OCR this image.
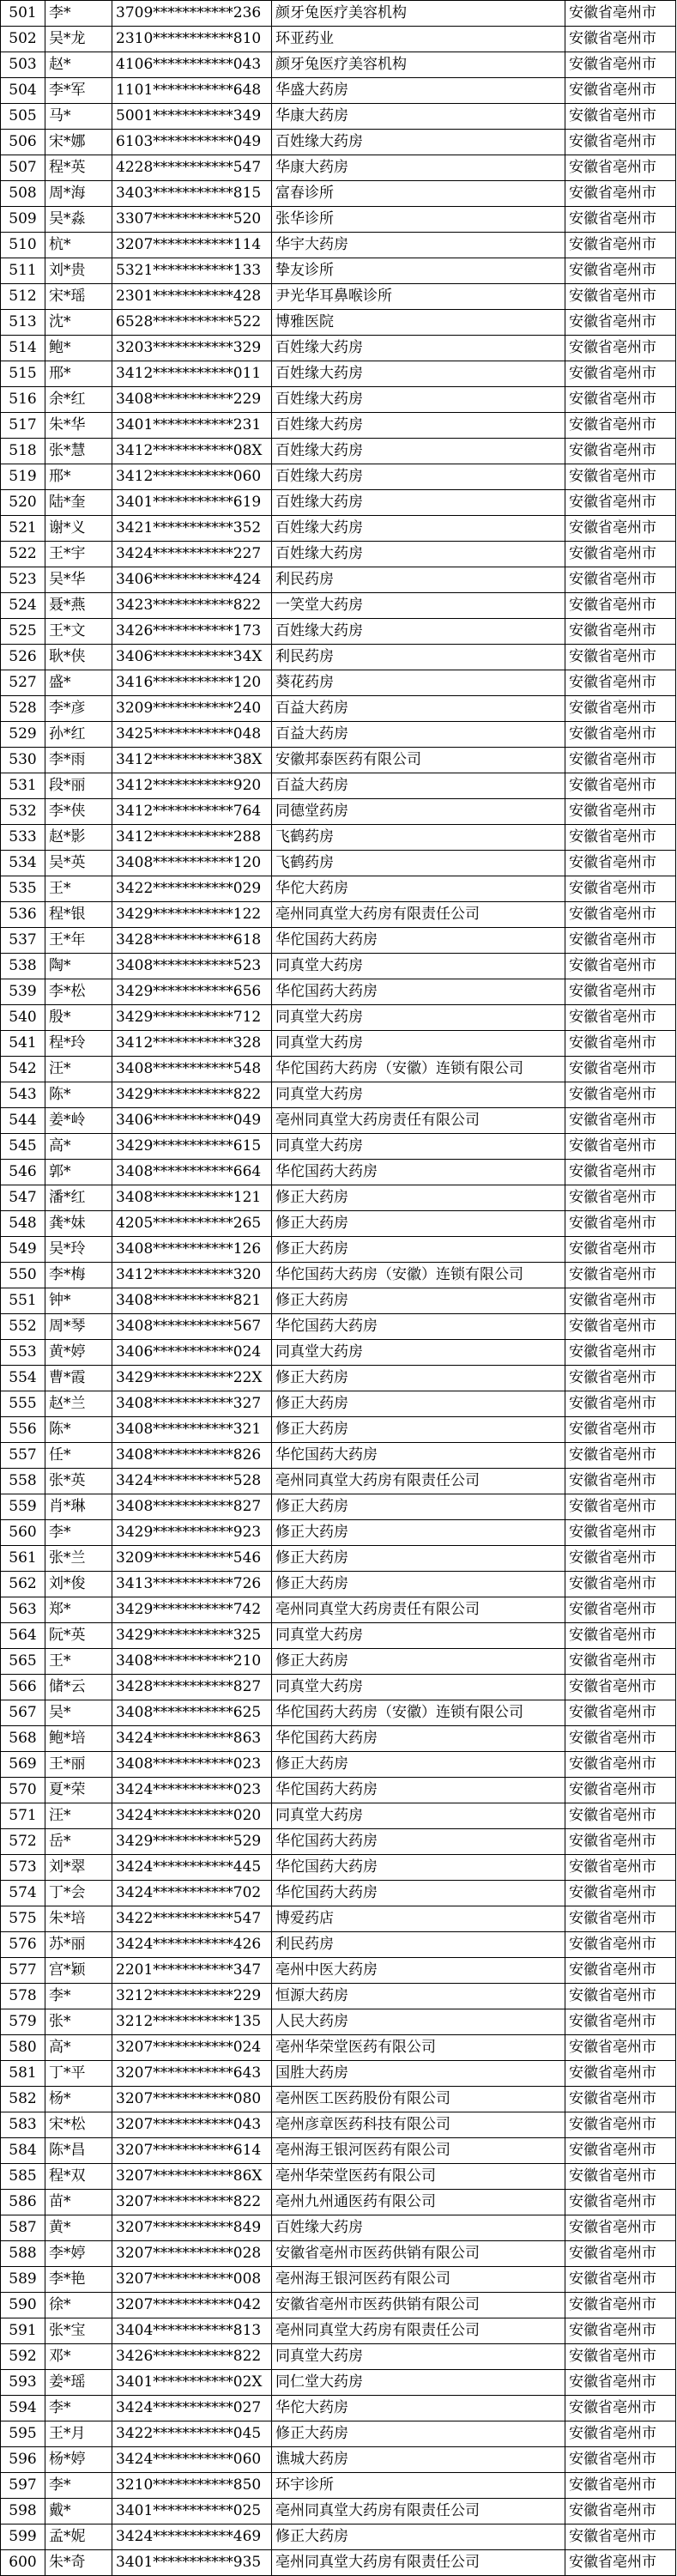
501	李*	3709***********236	颜牙兔医疗美容机构	安徽省亳州市
502	吴*龙	2310***********810	环亚药业	安徽省亳州市
503	赵*	4106***********043	颜牙兔医疗美容机构	安徽省亳州市
504	李*军	1101***********648	华盛大药房	安徽省亳州市
505	马*	5001***********349	华康大药房	安徽省亳州市
506	宋*娜	6103***********049	百姓缘大药房	安徽省亳州市
507	程*英	4228***********547	华康大药房	安徽省亳州市
508	周*海	3403***********815	富春诊所	安徽省亳州市
509	吴*淼	3307***********520	张华诊所	安徽省亳州市
510	杭*	3207***********114	华宇大药房	安徽省亳州市
511	刘*贵	5321***********133	挚友诊所	安徽省亳州市
512	宋*瑶	2301***********428	尹光华耳鼻喉诊所	安徽省亳州市
513	沈*	6528***********522	博雅医院	安徽省亳州市
514	鲍*	3203***********329	百姓缘大药房	安徽省亳州市
515	邢*	3412***********011	百姓缘大药房	安徽省亳州市
516	余*红	3408***********229	百姓缘大药房	安徽省亳州市
517	朱*华	3401***********231	百姓缘大药房	安徽省亳州市
518	张*慧	3412***********08X	百姓缘大药房	安徽省亳州市
519	邢*	3412***********060	百姓缘大药房	安徽省亳州市
520	陆*奎	3401***********619	百姓缘大药房	安徽省亳州市
521	谢*义	3421***********352	百姓缘大药房	安徽省亳州市
522	王*宇	3424***********227	百姓缘大药房	安徽省亳州市
523	吴*华	3406***********424	利民药房	安徽省亳州市
524	聂*燕	3423***********822	一笑堂大药房	安徽省亳州市
525	王*文	3426***********173	百姓缘大药房	安徽省亳州市
526	耿*侠	3406***********34X	利民药房	安徽省亳州市
527	盛*	3416***********120	葵花药房	安徽省亳州市
528	李*彦	3209***********240	百益大药房	安徽省亳州市
529	孙*红	3425***********048	百益大药房	安徽省亳州市
530	李*雨	3412***********38X	安徽邦泰医药有限公司	安徽省亳州市
531	段*丽	3412***********920	百益大药房	安徽省亳州市
532	李*侠	3412***********764	同德堂药房	安徽省亳州市
533	赵*影	3412***********288	飞鹤药房	安徽省亳州市
534	吴*英	3408***********120	飞鹤药房	安徽省亳州市
535	王*	3422***********029	华佗大药房	安徽省亳州市
536	程*银	3429***********122	亳州同真堂大药房有限责任公司	安徽省亳州市
537	王*年	3428***********618	华佗国药大药房	安徽省亳州市
538	陶*	3408***********523	同真堂大药房	安徽省亳州市
539	李*松	3429***********656	华佗国药大药房	安徽省亳州市
540	殷*	3429***********712	同真堂大药房	安徽省亳州市
541	程*玲	3412***********328	同真堂大药房	安徽省亳州市
542	汪*	3408***********548	华佗国药大药房（安徽）连锁有限公司	安徽省亳州市
543	陈*	3429***********822	同真堂大药房	安徽省亳州市
544	姜*岭	3406***********049	亳州同真堂大药房责任有限公司	安徽省亳州市
545	高*	3429***********615	同真堂大药房	安徽省亳州市
546	郭*	3408***********664	华佗国药大药房	安徽省亳州市
547	潘*红	3408***********121	修正大药房	安徽省亳州市
548	龚*妹	4205***********265	修正大药房	安徽省亳州市
549	吴*玲	3408***********126	修正大药房	安徽省亳州市
550	李*梅	3412***********320	华佗国药大药房（安徽）连锁有限公司	安徽省亳州市
551	钟*	3408***********821	修正大药房	安徽省亳州市
552	周*琴	3408***********567	华佗国药大药房	安徽省亳州市
553	黄*婷	3406***********024	同真堂大药房	安徽省亳州市
554	曹*霞	3429***********22X	修正大药房	安徽省亳州市
555	赵*兰	3408***********327	修正大药房	安徽省亳州市
556	陈*	3408***********321	修正大药房	安徽省亳州市
557	任*	3408***********826	华佗国药大药房	安徽省亳州市
558	张*英	3424***********528	亳州同真堂大药房有限责任公司	安徽省亳州市
559	肖*琳	3408***********827	修正大药房	安徽省亳州市
560	李*	3429***********923	修正大药房	安徽省亳州市
561	张*兰	3209***********546	修正大药房	安徽省亳州市
562	刘*俊	3413***********726	修正大药房	安徽省亳州市
563	郑*	3429***********742	亳州同真堂大药房责任有限公司	安徽省亳州市
564	阮*英	3429***********325	同真堂大药房	安徽省亳州市
565	王*	3408***********210	修正大药房	安徽省亳州市
566	储*云	3428***********827	同真堂大药房	安徽省亳州市
567	吴*	3408***********625	华佗国药大药房（安徽）连锁有限公司	安徽省亳州市
568	鲍*培	3424***********863	华佗国药大药房	安徽省亳州市
569	王*丽	3408***********023	修正大药房	安徽省亳州市
570	夏*荣	3424***********023	华佗国药大药房	安徽省亳州市
571	汪*	3424***********020	同真堂大药房	安徽省亳州市
572	岳*	3429***********529	华佗国药大药房	安徽省亳州市
573	刘*翠	3424***********445	华佗国药大药房	安徽省亳州市
574	丁*会	3424***********702	华佗国药大药房	安徽省亳州市
575	朱*培	3422***********547	博爱药店	安徽省亳州市
576	苏*丽	3424***********426	利民药房	安徽省亳州市
577	宫*颖	2201***********347	亳州中医大药房	安徽省亳州市
578	李*	3212***********229	恒源大药房	安徽省亳州市
579	张*	3212***********135	人民大药房	安徽省亳州市
580	高*	3207***********024	亳州华荣堂医药有限公司	安徽省亳州市
581	丁*平	3207***********643	国胜大药房	安徽省亳州市
582	杨*	3207***********080	亳州医工医药股份有限公司	安徽省亳州市
583	宋*松	3207***********043	亳州彦章医药科技有限公司	安徽省亳州市
584	陈*昌	3207***********614	亳州海王银河医药有限公司	安徽省亳州市
585	程*双	3207***********86X	亳州华荣堂医药有限公司	安徽省亳州市
586	苗*	3207***********822	亳州九州通医药有限公司	安徽省亳州市
587	黄*	3207***********849	百姓缘大药房	安徽省亳州市
588	李*婷	3207***********028	安徽省亳州市医药供销有限公司	安徽省亳州市
589	李*艳	3207***********008	亳州海王银河医药有限公司	安徽省亳州市
590	徐*	3207***********042	安徽省亳州市医药供销有限公司	安徽省亳州市
591	张*宝	3404***********813	亳州同真堂大药房有限责任公司	安徽省亳州市
592	邓*	3426***********822	同真堂大药房	安徽省亳州市
593	姜*瑶	3401***********02X	同仁堂大药房	安徽省亳州市
594	李*	3424***********027	华佗大药房	安徽省亳州市
595	王*月	3422***********045	修正大药房	安徽省亳州市
596	杨*婷	3424***********060	谯城大药房	安徽省亳州市
597	李*	3210***********850	环宇诊所	安徽省亳州市
598	戴*	3401***********025	亳州同真堂大药房有限责任公司	安徽省亳州市
599	孟*妮	3424***********469	修正大药房	安徽省亳州市
600	朱*奇	3401***********935	亳州同真堂大药房有限责任公司	安徽省亳州市
